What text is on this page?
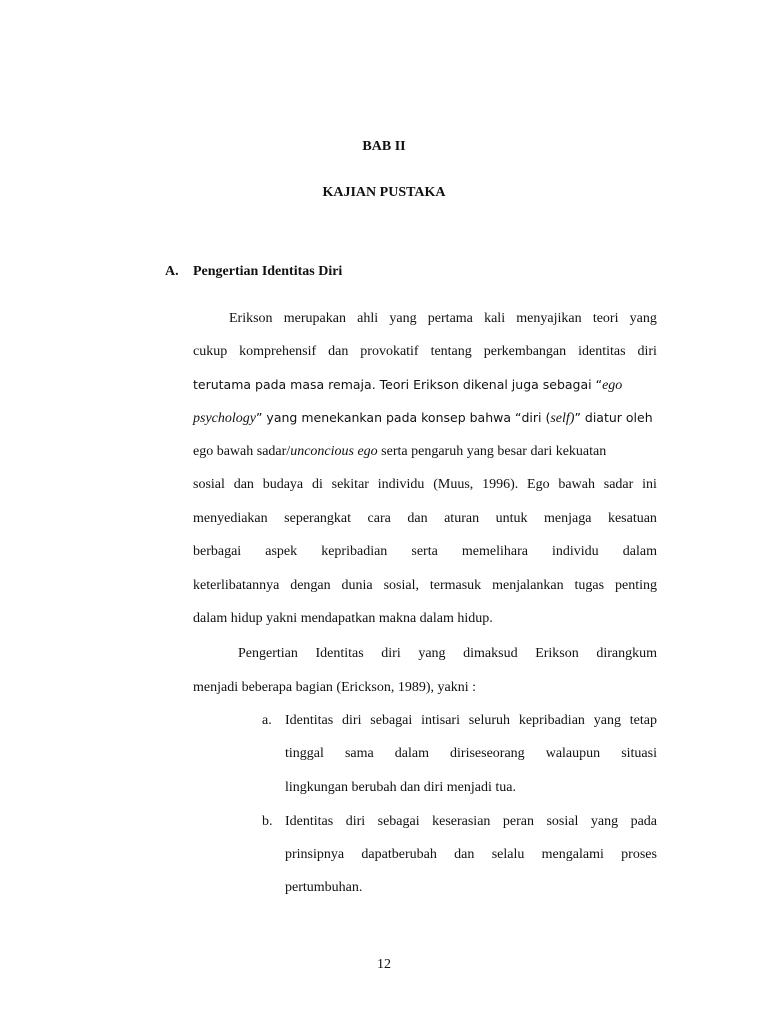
BAB II
KAJIAN PUSTAKA
A. Pengertian Identitas Diri
Erikson merupakan ahli yang pertama kali menyajikan teori yang
cukup komprehensif dan provokatif tentang perkembangan identitas diri
terutama pada masa remaja. Teori Erikson dikenal juga sebagai “ego
psychology” yang menekankan pada konsep bahwa “diri (self)” diatur oleh
ego bawah sadar/unconcious ego serta pengaruh yang besar dari kekuatan
sosial dan budaya di sekitar individu (Muus, 1996). Ego bawah sadar ini
menyediakan seperangkat cara dan aturan untuk menjaga kesatuan
berbagai aspek kepribadian serta memelihara individu dalam
keterlibatannya dengan dunia sosial, termasuk menjalankan tugas penting
dalam hidup yakni mendapatkan makna dalam hidup.
Pengertian Identitas diri yang dimaksud Erikson dirangkum
menjadi beberapa bagian (Erickson, 1989), yakni :
a. Identitas diri sebagai intisari seluruh kepribadian yang tetap
tinggal sama dalam diriseseorang walaupun situasi
lingkungan berubah dan diri menjadi tua.
b. Identitas diri sebagai keserasian peran sosial yang pada
prinsipnya dapatberubah dan selalu mengalami proses
pertumbuhan.
12
